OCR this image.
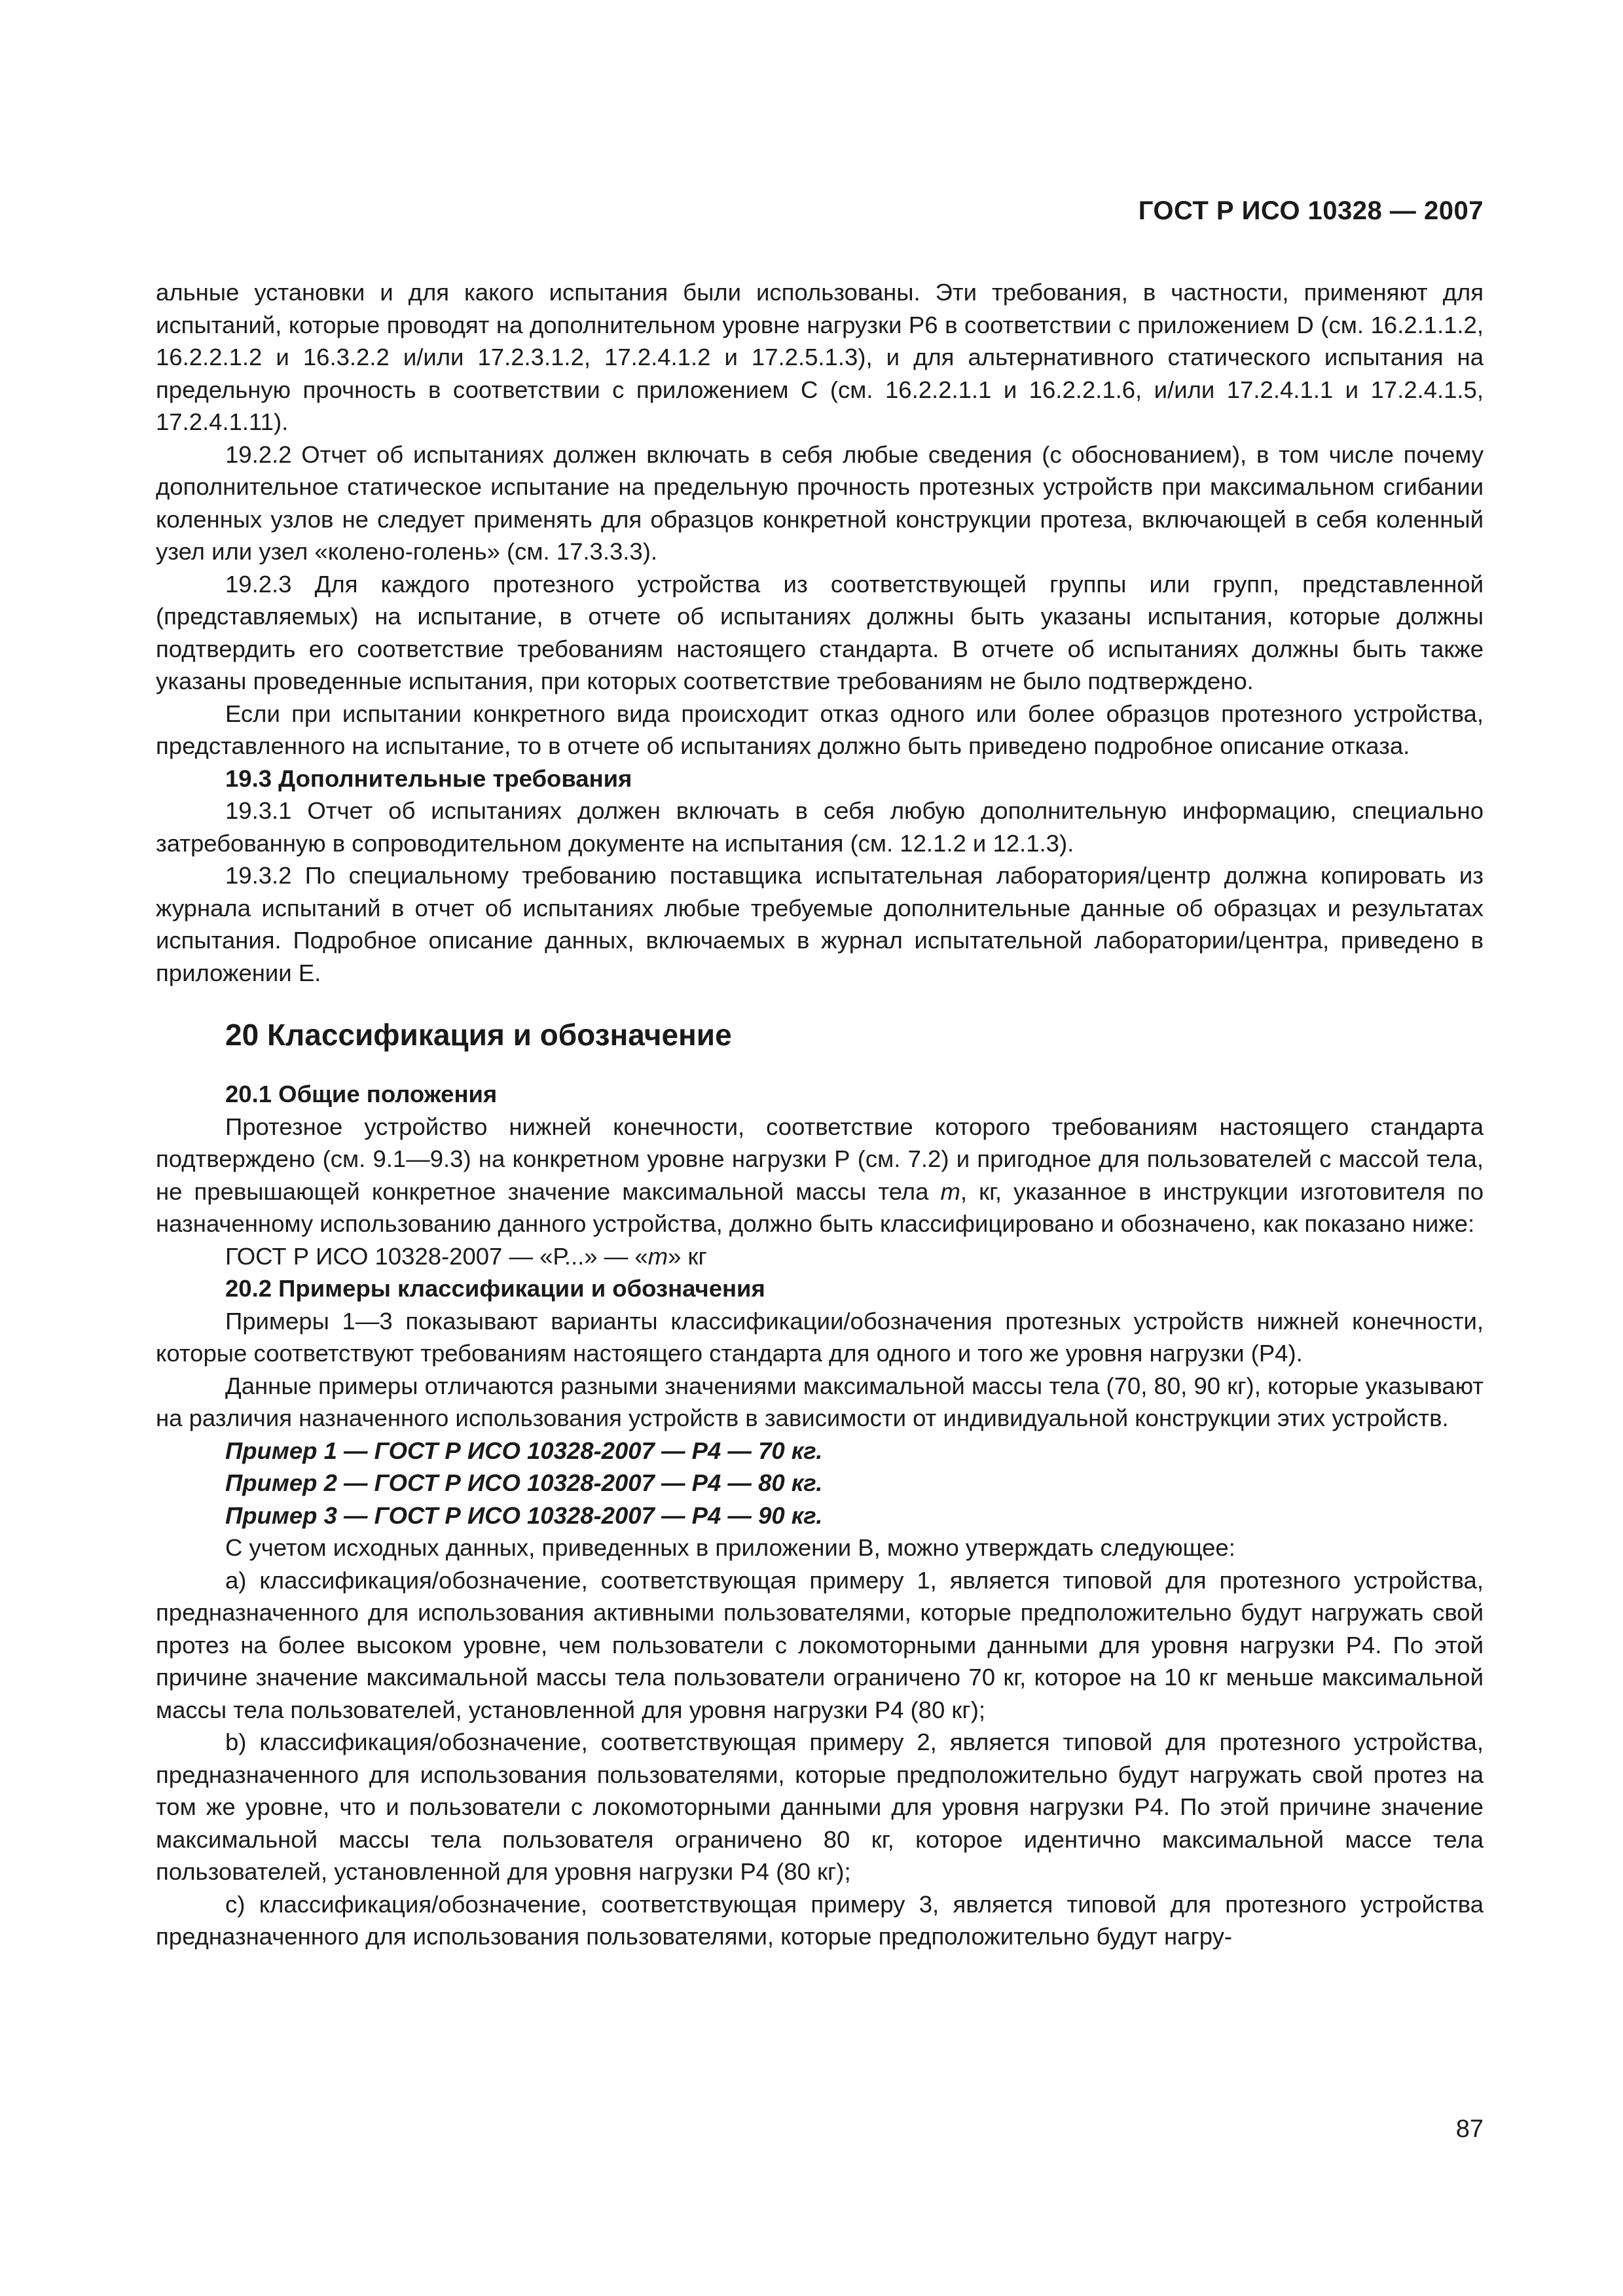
ГОСТ Р ИСО 10328 — 2007

альные установки и для какого испытания были использованы. Эти требования, в частности, применяют для испытаний, которые проводят на дополнительном уровне нагрузки Р6 в соответствии с приложением D (см. 16.2.1.1.2, 16.2.2.1.2 и 16.3.2.2 и/или 17.2.3.1.2, 17.2.4.1.2 и 17.2.5.1.3), и для альтернативного статического испытания на предельную прочность в соответствии с приложением С (см. 16.2.2.1.1 и 16.2.2.1.6, и/или 17.2.4.1.1 и 17.2.4.1.5, 17.2.4.1.11).

19.2.2 Отчет об испытаниях должен включать в себя любые сведения (с обоснованием), в том числе почему дополнительное статическое испытание на предельную прочность протезных устройств при максимальном сгибании коленных узлов не следует применять для образцов конкретной конструкции протеза, включающей в себя коленный узел или узел «колено-голень» (см. 17.3.3.3).

19.2.3 Для каждого протезного устройства из соответствующей группы или групп, представленной (представляемых) на испытание, в отчете об испытаниях должны быть указаны испытания, которые должны подтвердить его соответствие требованиям настоящего стандарта. В отчете об испытаниях должны быть также указаны проведенные испытания, при которых соответствие требованиям не было подтверждено.

Если при испытании конкретного вида происходит отказ одного или более образцов протезного устройства, представленного на испытание, то в отчете об испытаниях должно быть приведено подробное описание отказа.

19.3 Дополнительные требования

19.3.1 Отчет об испытаниях должен включать в себя любую дополнительную информацию, специально затребованную в сопроводительном документе на испытания (см. 12.1.2 и 12.1.3).

19.3.2 По специальному требованию поставщика испытательная лаборатория/центр должна копировать из журнала испытаний в отчет об испытаниях любые требуемые дополнительные данные об образцах и результатах испытания. Подробное описание данных, включаемых в журнал испытательной лаборатории/центра, приведено в приложении Е.

20 Классификация и обозначение

20.1 Общие положения

Протезное устройство нижней конечности, соответствие которого требованиям настоящего стандарта подтверждено (см. 9.1—9.3) на конкретном уровне нагрузки Р (см. 7.2) и пригодное для пользователей с массой тела, не превышающей конкретное значение максимальной массы тела m, кг, указанное в инструкции изготовителя по назначенному использованию данного устройства, должно быть классифицировано и обозначено, как показано ниже:

ГОСТ Р ИСО 10328-2007 — «Р...» — «m» кг

20.2 Примеры классификации и обозначения

Примеры 1—3 показывают варианты классификации/обозначения протезных устройств нижней конечности, которые соответствуют требованиям настоящего стандарта для одного и того же уровня нагрузки (Р4).

Данные примеры отличаются разными значениями максимальной массы тела (70, 80, 90 кг), которые указывают на различия назначенного использования устройств в зависимости от индивидуальной конструкции этих устройств.

Пример 1 — ГОСТ Р ИСО 10328-2007 — Р4 — 70 кг.

Пример 2 — ГОСТ Р ИСО 10328-2007 — Р4 — 80 кг.

Пример 3 — ГОСТ Р ИСО 10328-2007 — Р4 — 90 кг.

С учетом исходных данных, приведенных в приложении В, можно утверждать следующее:

а) классификация/обозначение, соответствующая примеру 1, является типовой для протезного устройства, предназначенного для использования активными пользователями, которые предположительно будут нагружать свой протез на более высоком уровне, чем пользователи с локомоторными данными для уровня нагрузки Р4. По этой причине значение максимальной массы тела пользователи ограничено 70 кг, которое на 10 кг меньше максимальной массы тела пользователей, установленной для уровня нагрузки Р4 (80 кг);

b) классификация/обозначение, соответствующая примеру 2, является типовой для протезного устройства, предназначенного для использования пользователями, которые предположительно будут нагружать свой протез на том же уровне, что и пользователи с локомоторными данными для уровня нагрузки Р4. По этой причине значение максимальной массы тела пользователя ограничено 80 кг, которое идентично максимальной массе тела пользователей, установленной для уровня нагрузки Р4 (80 кг);

с) классификация/обозначение, соответствующая примеру 3, является типовой для протезного устройства предназначенного для использования пользователями, которые предположительно будут нагру-

87
